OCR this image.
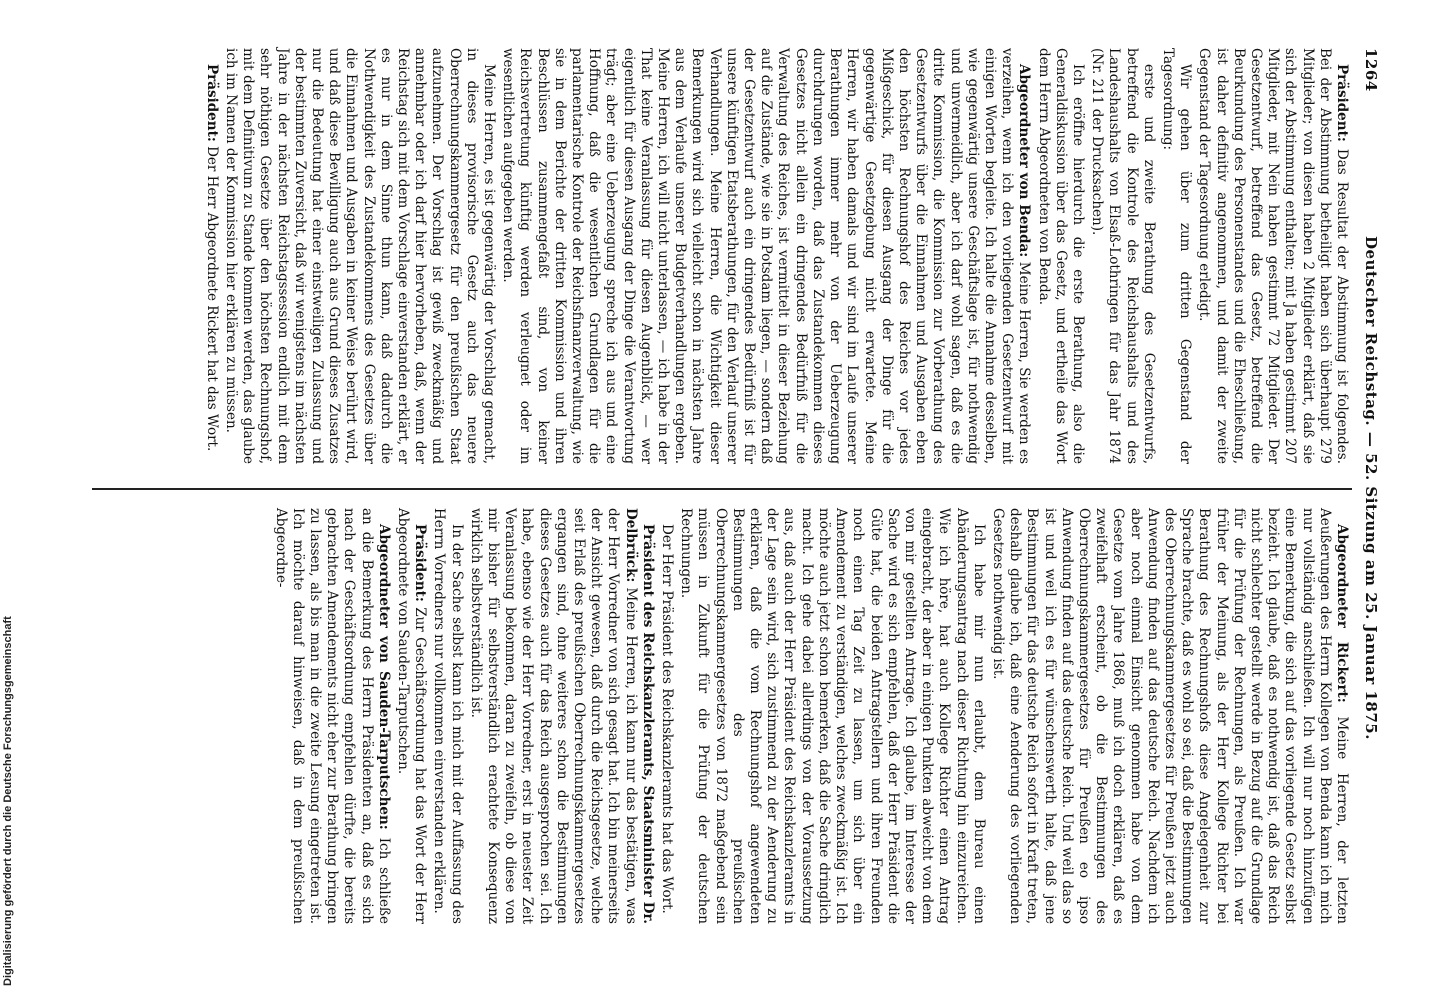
1264
Deutscher Reichstag. — 52. Sitzung am 25. Januar 1875.

Präsident: Das Resultat der Abstimmung ist folgendes. Bei der Abstimmung betheiligt haben sich überhaupt 279 Mitglieder; von diesen haben 2 Mitglieder erklärt, daß sie sich der Abstimmung enthalten; mit Ja haben gestimmt 207 Mitglieder, mit Nein haben gestimmt 72 Mitglieder. Der Gesetzentwurf, betreffend das Gesetz, betreffend die Beurkundung des Personenstandes und die Eheschließung, ist daher definitiv angenommen, und damit der zweite Gegenstand der Tagesordnung erledigt.

Wir gehen über zum dritten Gegenstand der Tagesordnung:

erste und zweite Berathung des Gesetzentwurfs, betreffend die Kontrole des Reichshaushalts und des Landeshaushalts von Elsaß-Lothringen für das Jahr 1874 (Nr. 211 der Drucksachen).

Ich eröffne hierdurch die erste Berathung, also die Generaldiskussion über das Gesetz, und ertheile das Wort dem Herrn Abgeordneten von Benda.

Abgeordneter von Benda: Meine Herren, Sie werden es verzeihen, wenn ich den vorliegenden Gesetzentwurf mit einigen Worten begleite. Ich halte die Annahme desselben, wie gegenwärtig unsere Geschäftslage ist, für nothwendig und unvermeidlich, aber ich darf wohl sagen, daß es die dritte Kommission, die Kommission zur Vorberathung des Gesetzentwurfs über die Einnahmen und Ausgaben eben den höchsten Rechnungshof des Reiches vor jedes Mißgeschick, für diesen Ausgang der Dinge für die gegenwärtige Gesetzgebung nicht erwartete. Meine Herren, wir haben damals und wir sind im Laufe unserer Berathungen immer mehr von der Ueberzeugung durchdrungen worden, daß das Zustandekommen dieses Gesetzes nicht allein ein dringendes Bedürfniß für die Verwaltung des Reiches, ist vermittelt in dieser Beziehung auf die Zustände, wie sie in Potsdam liegen, — sondern daß der Gesetzentwurf auch ein dringendes Bedürfniß ist für unsere künftigen Etatsberathungen, für den Verlauf unserer Verhandlungen. Meine Herren, die Wichtigkeit dieser Bemerkungen wird sich vielleicht schon in nächsten Jahre aus dem Verlaufe unserer Budgetverhandlungen ergeben. Meine Herren, ich will nicht unterlassen, — ich habe in der That keine Veranlassung für diesen Augenblick, — wer eigentlich für diesen Ausgang der Dinge die Verantwortung trägt; aber eine Ueberzeugung spreche ich aus und eine Hoffnung, daß die wesentlichen Grundlagen für die parlamentarische Kontrole der Reichsfinanzverwaltung, wie sie in dem Berichte der dritten Kommission und ihren Beschlüssen zusammengefaßt sind, von keiner Reichsvertretung künftig werden verleugnet oder im wesentlichen aufgegeben werden.

Meine Herren, es ist gegenwärtig der Vorschlag gemacht, in dieses provisorische Gesetz auch das neuere Oberrechnungskammergesetz für den preußischen Staat aufzunehmen. Der Vorschlag ist gewiß zweckmäßig und annehmbar oder ich darf hier hervorheben, daß, wenn der Reichstag sich mit dem Vorschlage einverstanden erklärt, er es nur in dem Sinne thun kann, daß dadurch die Nothwendigkeit des Zustandekommens des Gesetzes über die Einnahmen und Ausgaben in keiner Weise berührt wird, und daß diese Bewilligung auch aus Grund dieses Zusatzes nur die Bedeutung hat einer einstweiligen Zulassung und der bestimmten Zuversicht, daß wir wenigstens im nächsten Jahre in der nächsten Reichstagssession endlich mit dem sehr nöthigen Gesetze über den höchsten Rechnungshof, mit dem Definitivum zu Stande kommen werden, das glaube ich im Namen der Kommission hier erklären zu müssen.

Präsident: Der Herr Abgeordnete Rickert hat das Wort.

Abgeordneter Rickert: Meine Herren, der letzten Aeußerungen des Herrn Kollegen von Benda kann ich mich nur vollständig anschließen. Ich will nur noch hinzufügen eine Bemerkung, die sich auf das vorliegende Gesetz selbst bezieht. Ich glaube, daß es nothwendig ist, daß das Reich nicht schlechter gestellt werde in Bezug auf die Grundlage für die Prüfung der Rechnungen, als Preußen. Ich war früher der Meinung, als der Herr Kollege Richter bei Berathung des Rechnungshofs diese Angelegenheit zur Sprache brachte, daß es wohl so sei, daß die Bestimmungen des Oberrechnungskammergesetzes für Preußen jetzt auch Anwendung finden auf das deutsche Reich. Nachdem ich aber noch einmal Einsicht genommen habe von dem Gesetze vom Jahre 1868, muß ich doch erklären, daß es zweifelhaft erscheint, ob die Bestimmungen des Oberrechnungskammergesetzes für Preußen eo ipso Anwendung finden auf das deutsche Reich. Und weil das so ist und weil ich es für wünschenswerth halte, daß jene Bestimmungen für das deutsche Reich sofort in Kraft treten, deshalb glaube ich, daß eine Aenderung des vorliegenden Gesetzes nothwendig ist.

Ich habe mir nun erlaubt, dem Bureau einen Abänderungsantrag nach dieser Richtung hin einzureichen. Wie ich höre, hat auch Kollege Richter einen Antrag eingebracht, der aber in einigen Punkten abweicht von dem von mir gestellten Antrage. Ich glaube, im Interesse der Sache wird es sich empfehlen, daß der Herr Präsident die Güte hat, die beiden Antragstellern und ihren Freunden noch einen Tag Zeit zu lassen, um sich über ein Amendement zu verständigen, welches zweckmäßig ist. Ich möchte auch jetzt schon bemerken, daß die Sache dringlich macht. Ich gehe dabei allerdings von der Voraussetzung aus, daß auch der Herr Präsident des Reichskanzleramts in der Lage sein wird, sich zustimmend zu der Aenderung zu erklären, daß die vom Rechnungshof angewendeten Bestimmungen des preußischen Oberrechnungskammergesetzes von 1872 maßgebend sein müssen in Zukunft für die Prüfung der deutschen Rechnungen.

Der Herr Präsident des Reichskanzleramts hat das Wort.

Präsident des Reichskanzleramts, Staatsminister Dr. Delbrück: Meine Herren, ich kann nur das bestätigen, was der Herr Vorredner von sich gesagt hat. Ich bin meinerseits der Ansicht gewesen, daß durch die Reichsgesetze, welche seit Erlaß des preußischen Oberrechnungskammergesetzes ergangen sind, ohne weiteres schon die Bestimmungen dieses Gesetzes auch für das Reich ausgesprochen sei. Ich habe, ebenso wie der Herr Vorredner, erst in neuester Zeit Veranlassung bekommen, daran zu zweifeln, ob diese von mir bisher für selbstverständlich erachtete Konsequenz wirklich selbstverständlich ist.

In der Sache selbst kann ich mich mit der Auffassung des Herrn Vorredners nur vollkommen einverstanden erklären.

Präsident: Zur Geschäftsordnung hat das Wort der Herr Abgeordnete von Sauden-Tarputschen.

Abgeordneter von Sauden-Tarputschen: Ich schließe an die Bemerkung des Herrn Präsidenten an, daß es sich nach der Geschäftsordnung empfehlen dürfte, die bereits gebrachten Amendements nicht eher zur Berathung bringen zu lassen, als bis man in die zweite Lesung eingetreten ist. Ich möchte darauf hinweisen, daß in dem preußischen Abgeordne-

Digitalisierung gefördert durch die Deutsche Forschungsgemeinschaft
